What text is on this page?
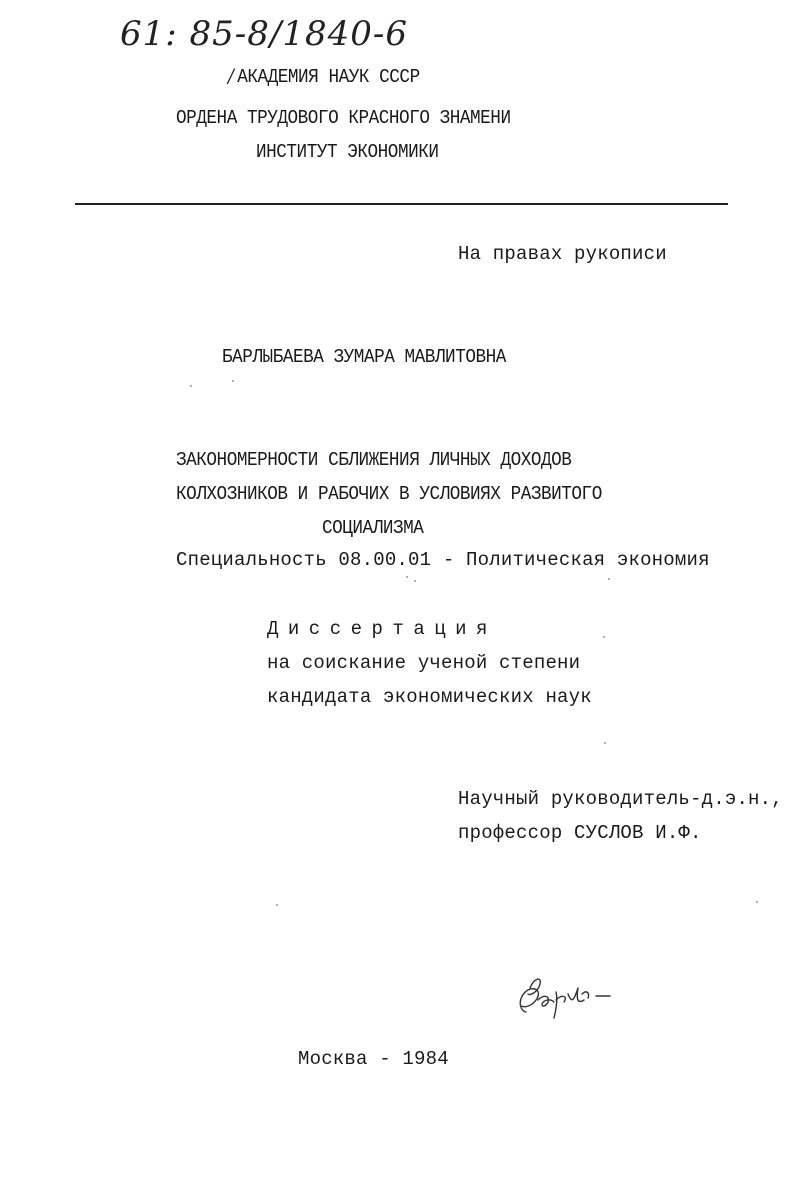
61: 85-8/1840-6
/ АКАДЕМИЯ НАУК СССР
ОРДЕНА ТРУДОВОГО КРАСНОГО ЗНАМЕНИ
ИНСТИТУТ ЭКОНОМИКИ
На правах рукописи
БАРЛЫБАЕВА ЗУМАРА МАВЛИТОВНА
ЗАКОНОМЕРНОСТИ СБЛИЖЕНИЯ ЛИЧНЫХ ДОХОДОВ
КОЛХОЗНИКОВ И РАБОЧИХ В УСЛОВИЯХ РАЗВИТОГО
СОЦИАЛИЗМА
Специальность 08.00.01 - Политическая экономия
Диссертация
на соискание ученой степени
кандидата экономических наук
Научный руководитель-д.э.н.,
профессор СУСЛОВ И.Ф.
Барл-
Москва - 1984
